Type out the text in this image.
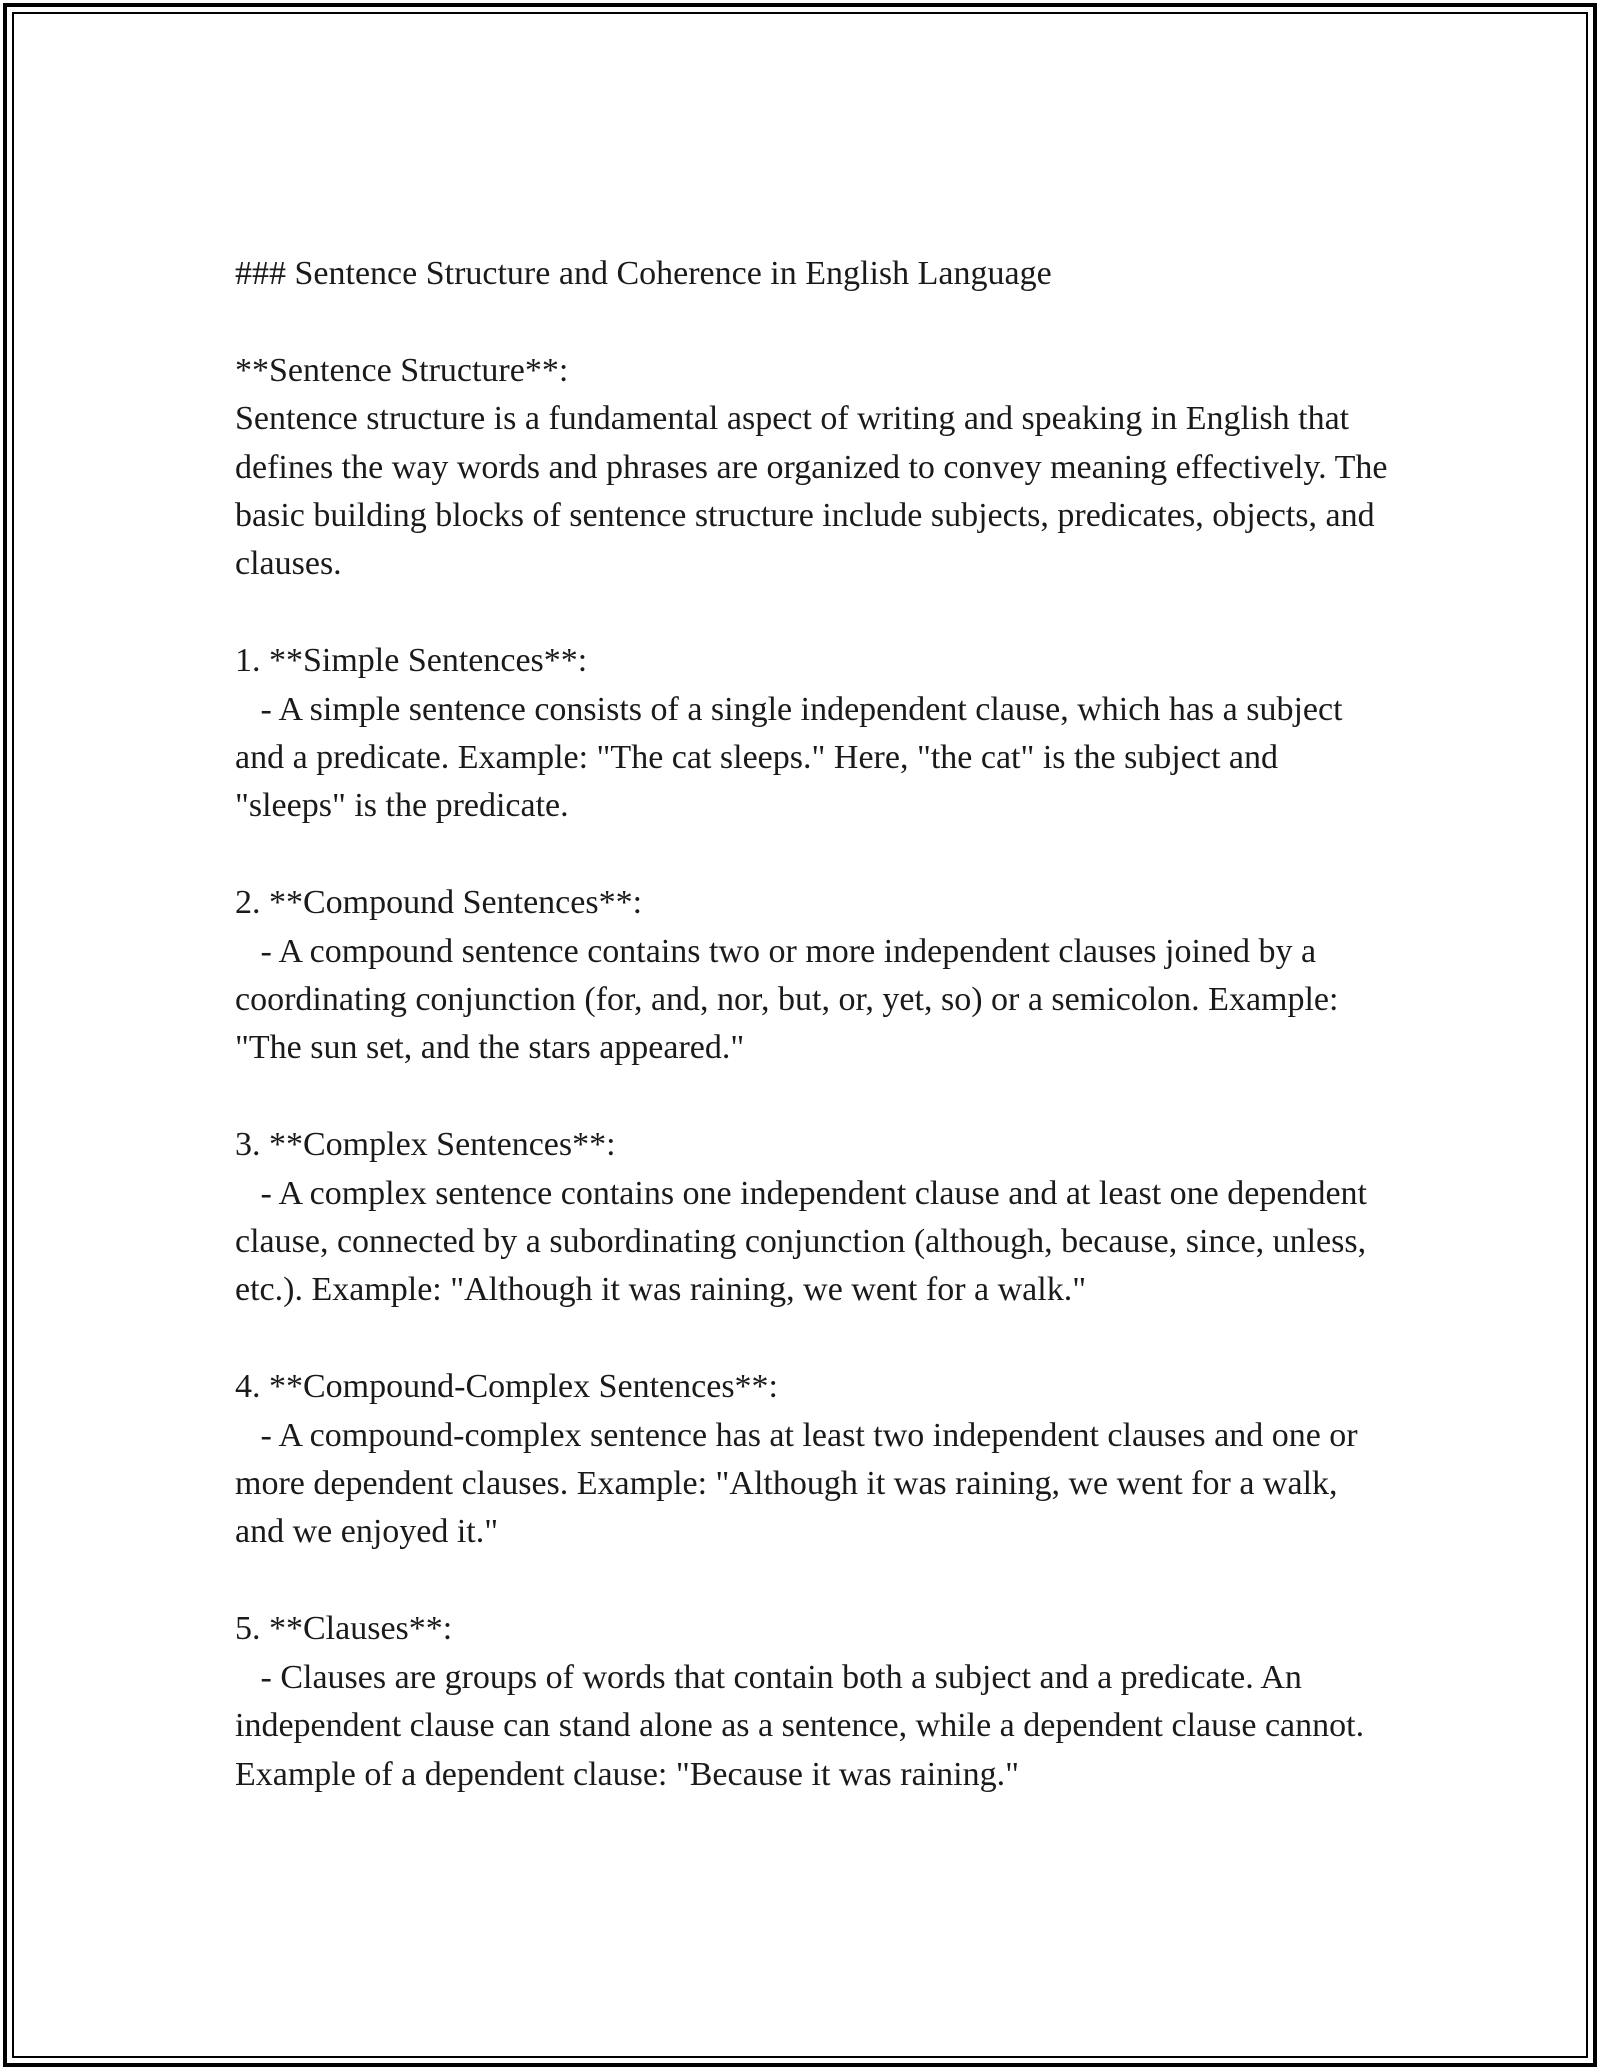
### Sentence Structure and Coherence in English Language

**Sentence Structure**:

Sentence structure is a fundamental aspect of writing and speaking in English that defines the way words and phrases are organized to convey meaning effectively. The basic building blocks of sentence structure include subjects, predicates, objects, and clauses.

1. **Simple Sentences**:

- A simple sentence consists of a single independent clause, which has a subject and a predicate. Example: "The cat sleeps." Here, "the cat" is the subject and "sleeps" is the predicate.

2. **Compound Sentences**:

- A compound sentence contains two or more independent clauses joined by a coordinating conjunction (for, and, nor, but, or, yet, so) or a semicolon. Example: "The sun set, and the stars appeared."

3. **Complex Sentences**:

- A complex sentence contains one independent clause and at least one dependent clause, connected by a subordinating conjunction (although, because, since, unless, etc.). Example: "Although it was raining, we went for a walk."

4. **Compound-Complex Sentences**:

- A compound-complex sentence has at least two independent clauses and one or more dependent clauses. Example: "Although it was raining, we went for a walk, and we enjoyed it."

5. **Clauses**:

- Clauses are groups of words that contain both a subject and a predicate. An independent clause can stand alone as a sentence, while a dependent clause cannot. Example of a dependent clause: "Because it was raining."
